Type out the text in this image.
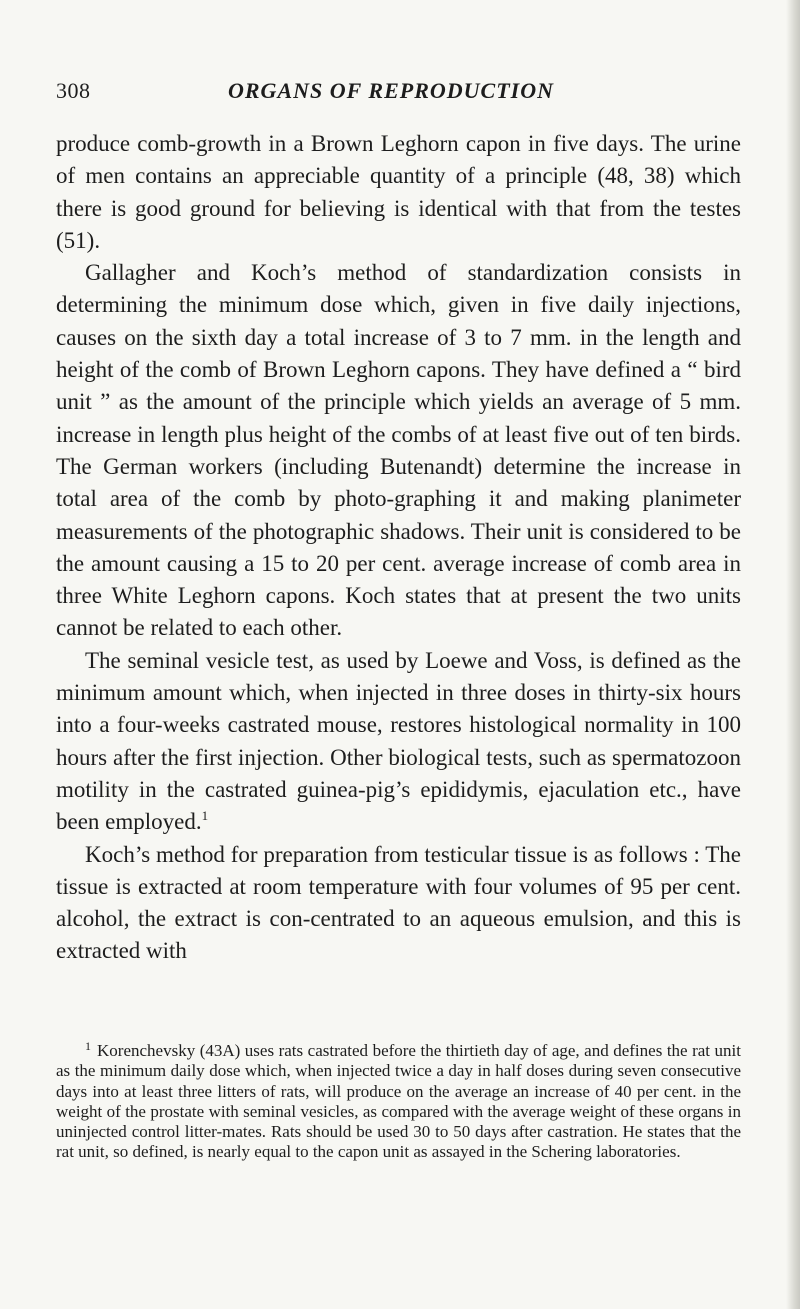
308	ORGANS OF REPRODUCTION

produce comb-growth in a Brown Leghorn capon in five days. The urine of men contains an appreciable quantity of a principle (48, 38) which there is good ground for believing is identical with that from the testes (51).

Gallagher and Koch’s method of standardization consists in determining the minimum dose which, given in five daily injections, causes on the sixth day a total increase of 3 to 7 mm. in the length and height of the comb of Brown Leghorn capons. They have defined a “ bird unit ” as the amount of the principle which yields an average of 5 mm. increase in length plus height of the combs of at least five out of ten birds. The German workers (including Butenandt) determine the increase in total area of the comb by photo-graphing it and making planimeter measurements of the photographic shadows. Their unit is considered to be the amount causing a 15 to 20 per cent. average increase of comb area in three White Leghorn capons. Koch states that at present the two units cannot be related to each other.

The seminal vesicle test, as used by Loewe and Voss, is defined as the minimum amount which, when injected in three doses in thirty-six hours into a four-weeks castrated mouse, restores histological normality in 100 hours after the first injection. Other biological tests, such as spermatozoon motility in the castrated guinea-pig’s epididymis, ejaculation etc., have been employed.$^1$

Koch’s method for preparation from testicular tissue is as follows : The tissue is extracted at room temperature with four volumes of 95 per cent. alcohol, the extract is con-centrated to an aqueous emulsion, and this is extracted with

$^1$ Korenchevsky (43A) uses rats castrated before the thirtieth day of age, and defines the rat unit as the minimum daily dose which, when injected twice a day in half doses during seven consecutive days into at least three litters of rats, will produce on the average an increase of 40 per cent. in the weight of the prostate with seminal vesicles, as compared with the average weight of these organs in uninjected control litter-mates. Rats should be used 30 to 50 days after castration. He states that the rat unit, so defined, is nearly equal to the capon unit as assayed in the Schering laboratories.
